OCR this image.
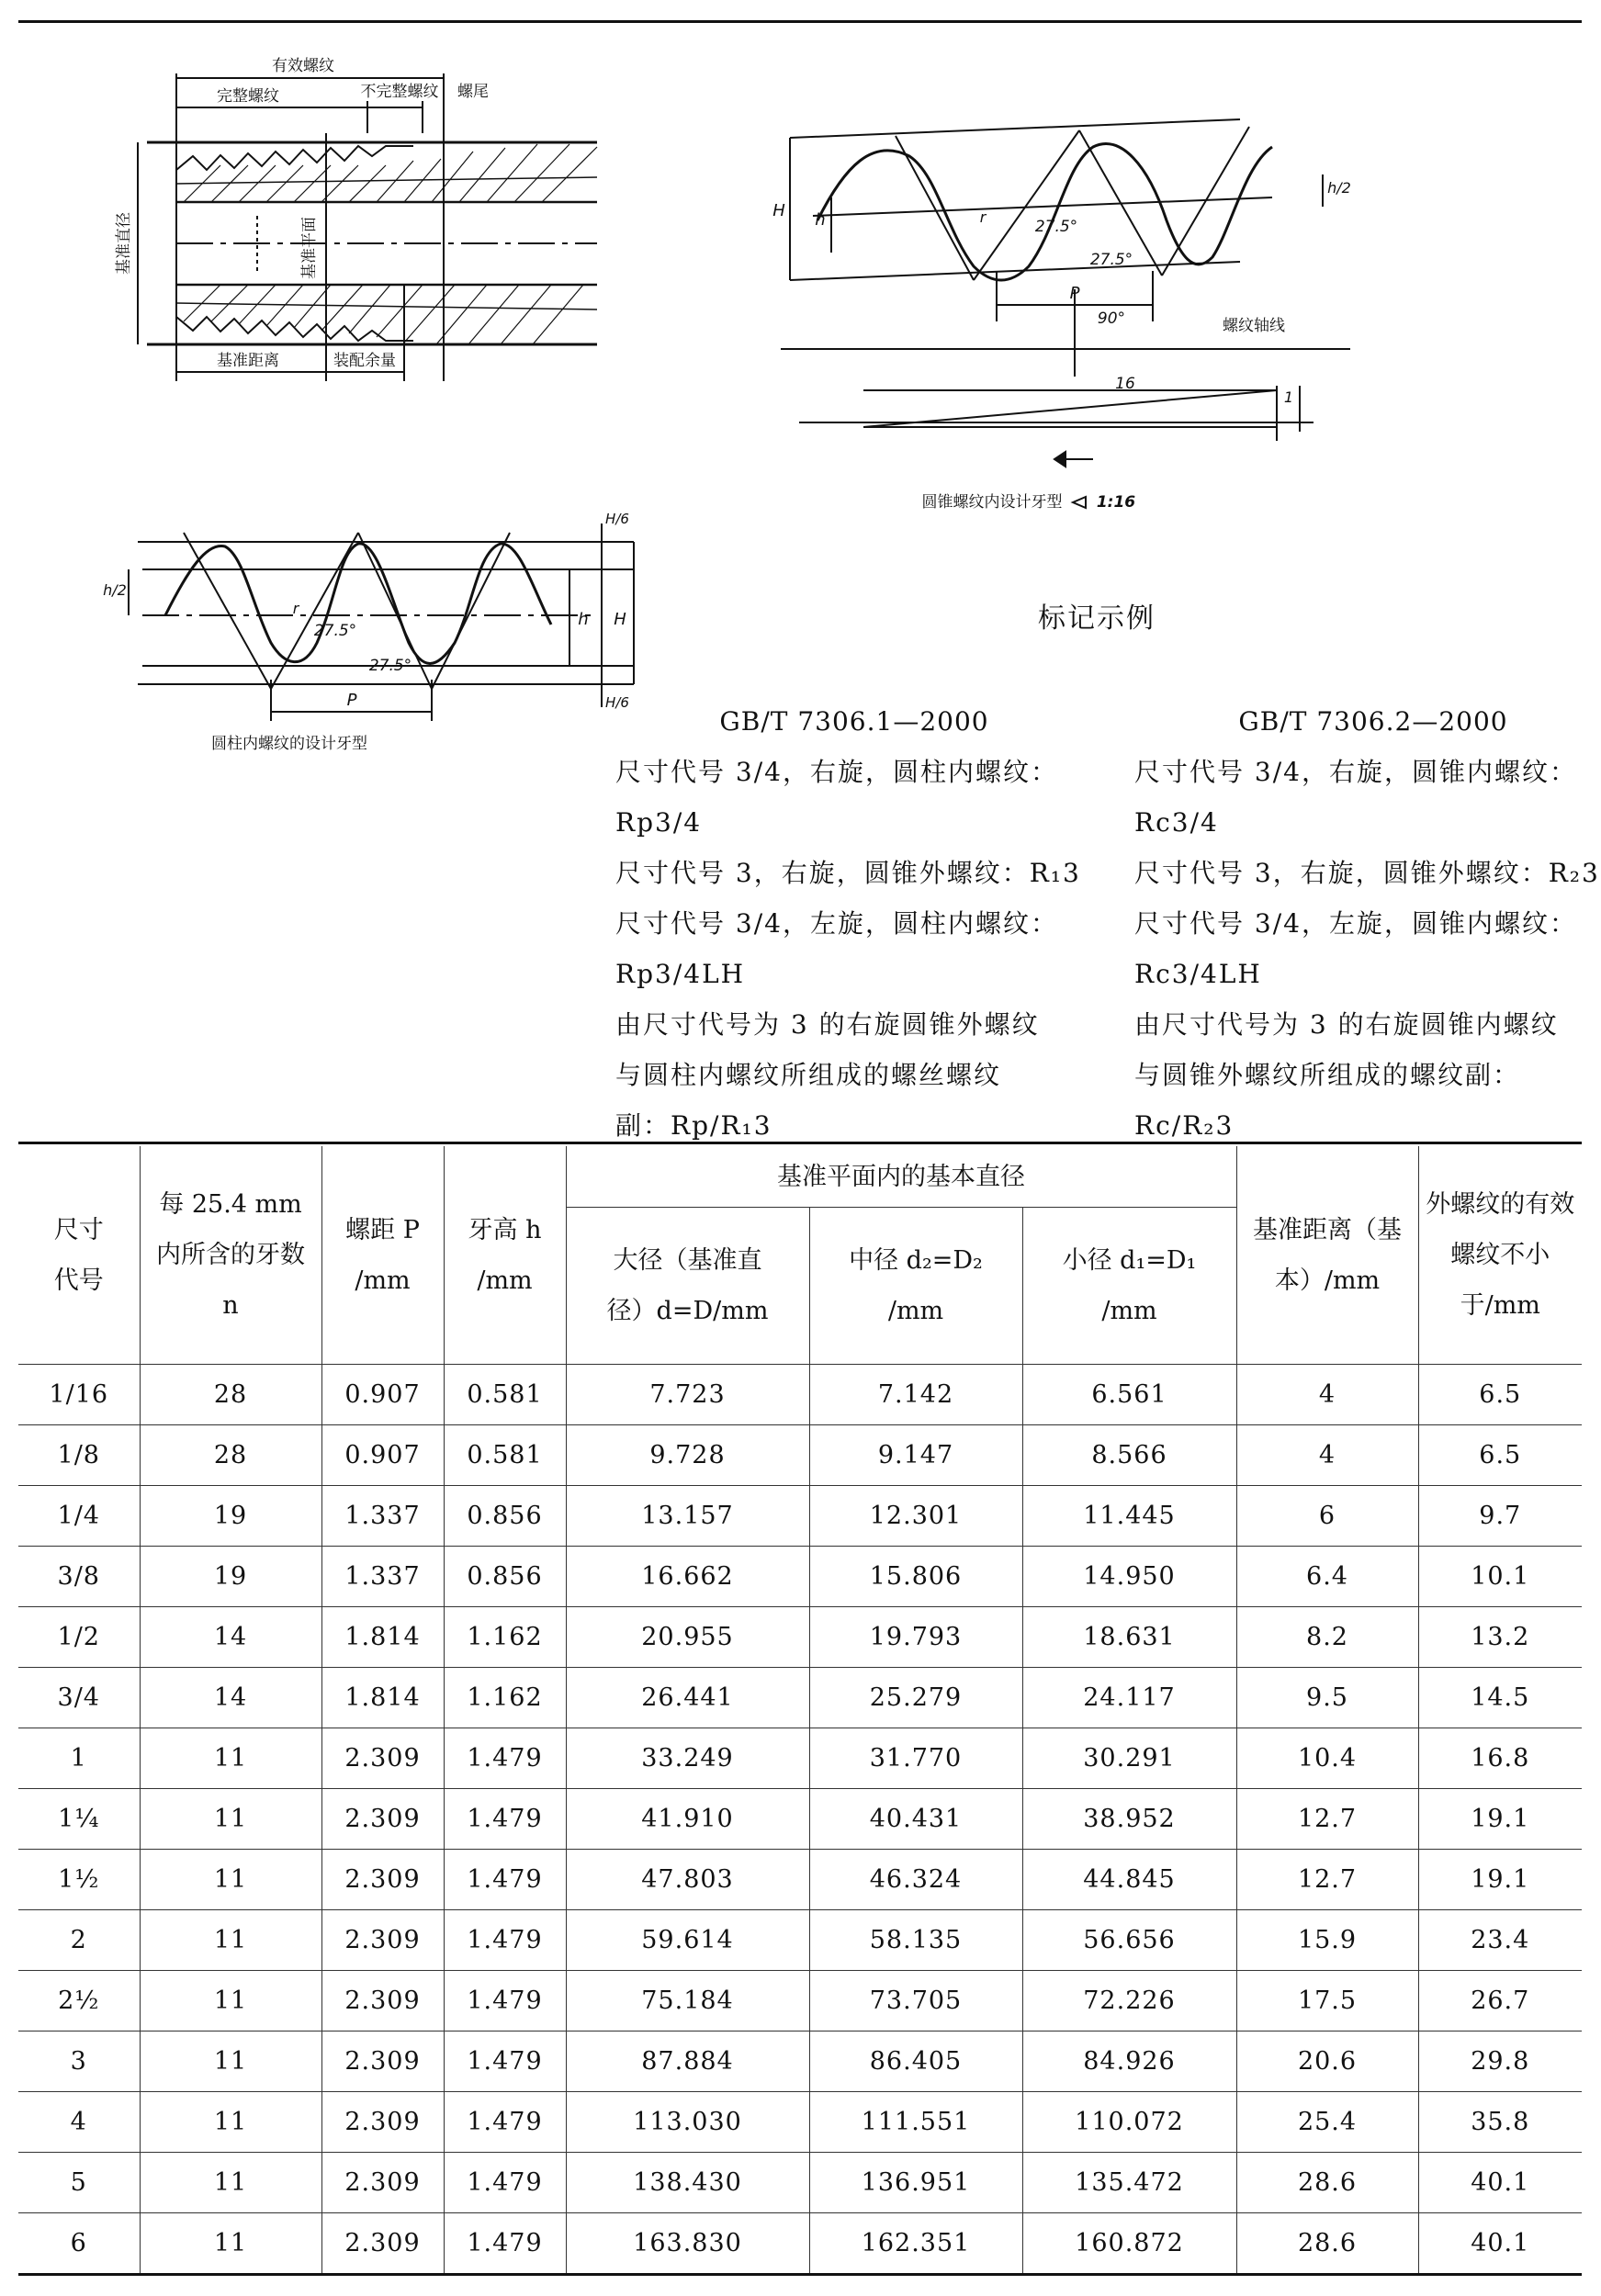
有效螺纹
完整螺纹	不完整螺纹 螺尾
基准直径	基准平面
基准距离	装配余量
H h
h/2
r
27.5°
27.5°
P
90°	螺纹轴线
16
1
圆锥螺纹内设计牙型 1:16
h/2
r
27.5°
27.5°
P
H/6
h H
H/6
圆柱内螺纹的设计牙型
标记示例
GB/T 7306.1—2000
尺寸代号 3/4，右旋，圆柱内螺纹：
Rp3/4
尺寸代号 3，右旋，圆锥外螺纹：R₁3
尺寸代号 3/4，左旋，圆柱内螺纹：
Rp3/4LH
由尺寸代号为 3 的右旋圆锥外螺纹
与圆柱内螺纹所组成的螺丝螺纹
副：Rp/R₁3
GB/T 7306.2—2000
尺寸代号 3/4，右旋，圆锥内螺纹：
Rc3/4
尺寸代号 3，右旋，圆锥外螺纹：R₂3
尺寸代号 3/4，左旋，圆锥内螺纹：
Rc3/4LH
由尺寸代号为 3 的右旋圆锥内螺纹
与圆锥外螺纹所组成的螺纹副：
Rc/R₂3
尺寸代号	每 25.4 mm 内所含的牙数 n	螺距 P /mm	牙高 h /mm	基准平面内的基本直径			基准距离（基本）/mm	外螺纹的有效螺纹不小于/mm
				大径（基准直径）d=D/mm	中径 d₂=D₂ /mm	小径 d₁=D₁ /mm		
1/16	28	0.907	0.581	7.723	7.142	6.561	4	6.5
1/8	28	0.907	0.581	9.728	9.147	8.566	4	6.5
1/4	19	1.337	0.856	13.157	12.301	11.445	6	9.7
3/8	19	1.337	0.856	16.662	15.806	14.950	6.4	10.1
1/2	14	1.814	1.162	20.955	19.793	18.631	8.2	13.2
3/4	14	1.814	1.162	26.441	25.279	24.117	9.5	14.5
1	11	2.309	1.479	33.249	31.770	30.291	10.4	16.8
1¼	11	2.309	1.479	41.910	40.431	38.952	12.7	19.1
1½	11	2.309	1.479	47.803	46.324	44.845	12.7	19.1
2	11	2.309	1.479	59.614	58.135	56.656	15.9	23.4
2½	11	2.309	1.479	75.184	73.705	72.226	17.5	26.7
3	11	2.309	1.479	87.884	86.405	84.926	20.6	29.8
4	11	2.309	1.479	113.030	111.551	110.072	25.4	35.8
5	11	2.309	1.479	138.430	136.951	135.472	28.6	40.1
6	11	2.309	1.479	163.830	162.351	160.872	28.6	40.1
